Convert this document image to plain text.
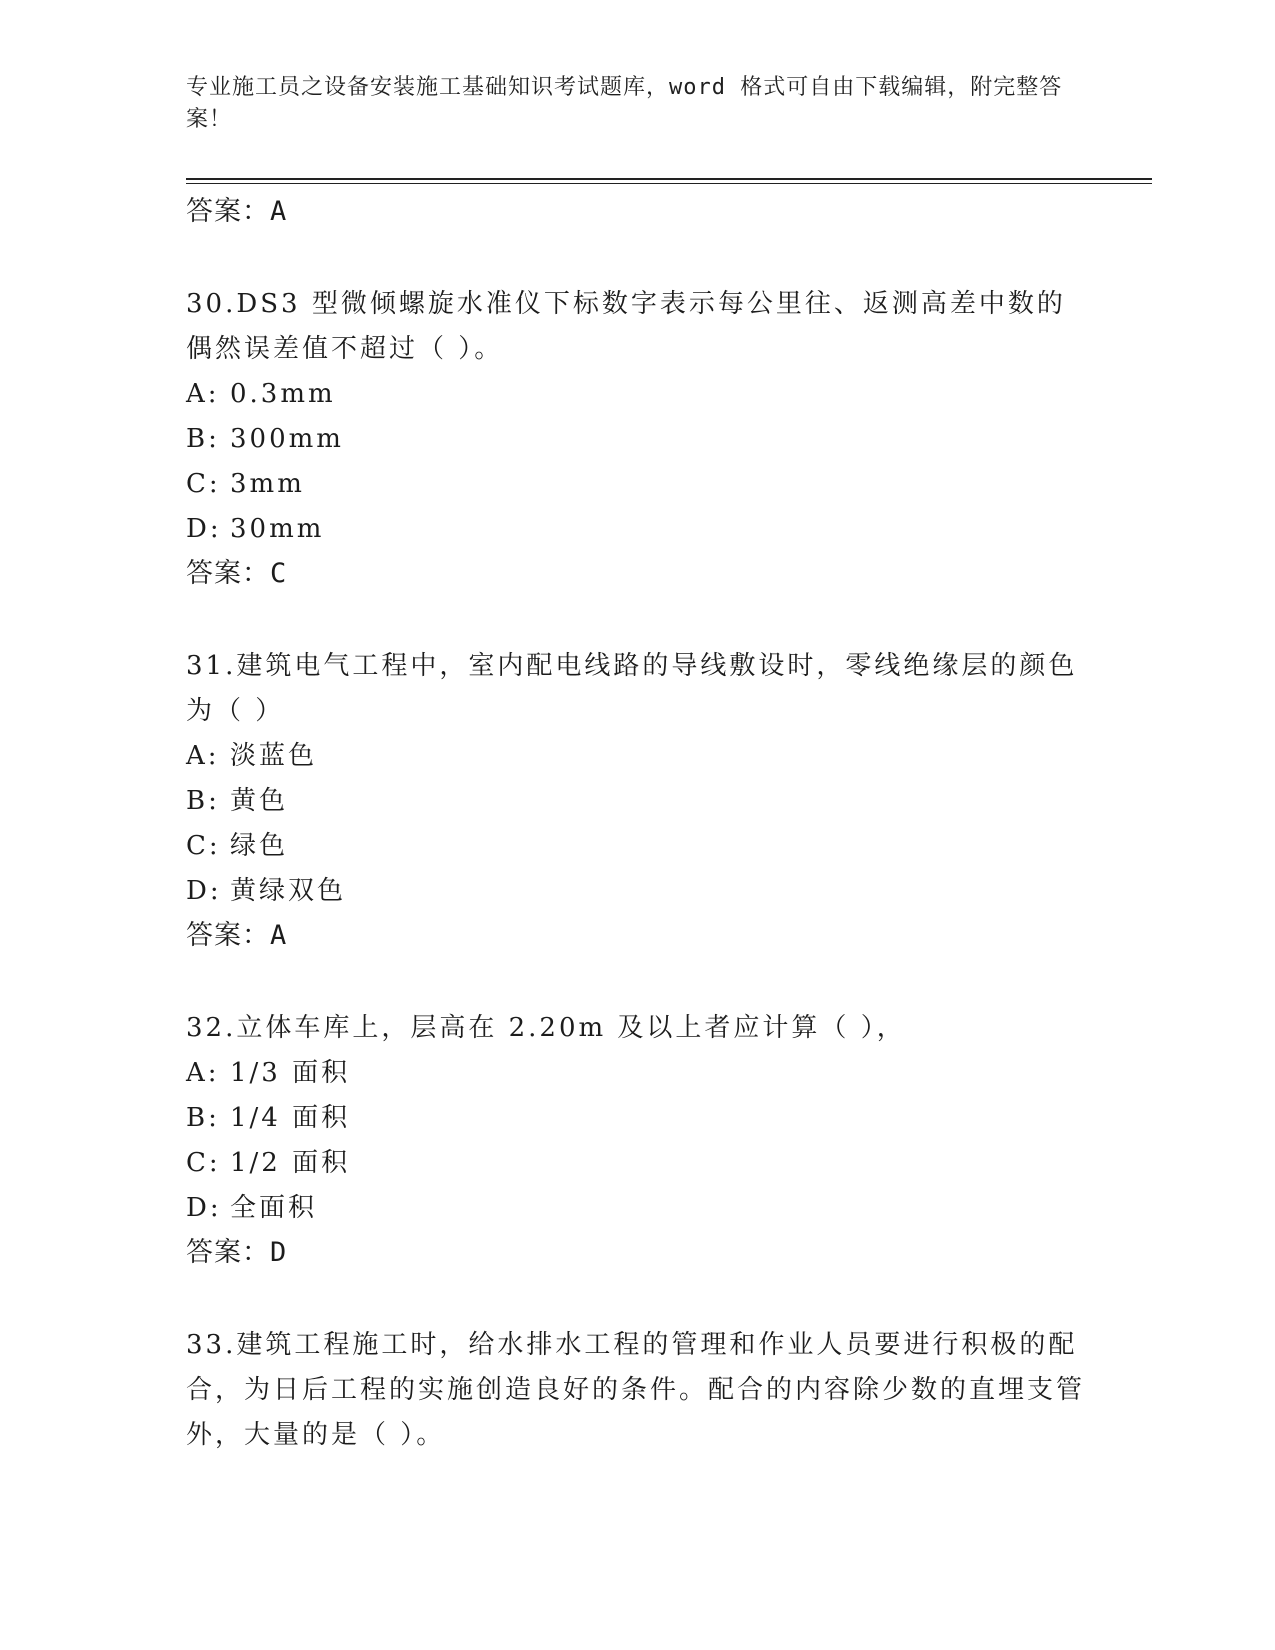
专业施工员之设备安装施工基础知识考试题库，word 格式可自由下载编辑，附完整答案！
答案：A

30.DS3 型微倾螺旋水准仪下标数字表示每公里往、返测高差中数的偶然误差值不超过（ ）。

A: 0.3mm
B: 300mm
C: 3mm
D: 30mm
答案：C

31.建筑电气工程中，室内配电线路的导线敷设时，零线绝缘层的颜色为（ ）

A: 淡蓝色
B: 黄色
C: 绿色
D: 黄绿双色
答案：A

32.立体车库上，层高在 2.20m 及以上者应计算（ ），

A: 1/3 面积
B: 1/4 面积
C: 1/2 面积
D: 全面积
答案：D

33.建筑工程施工时，给水排水工程的管理和作业人员要进行积极的配合，为日后工程的实施创造良好的条件。配合的内容除少数的直埋支管外，大量的是（ ）。
